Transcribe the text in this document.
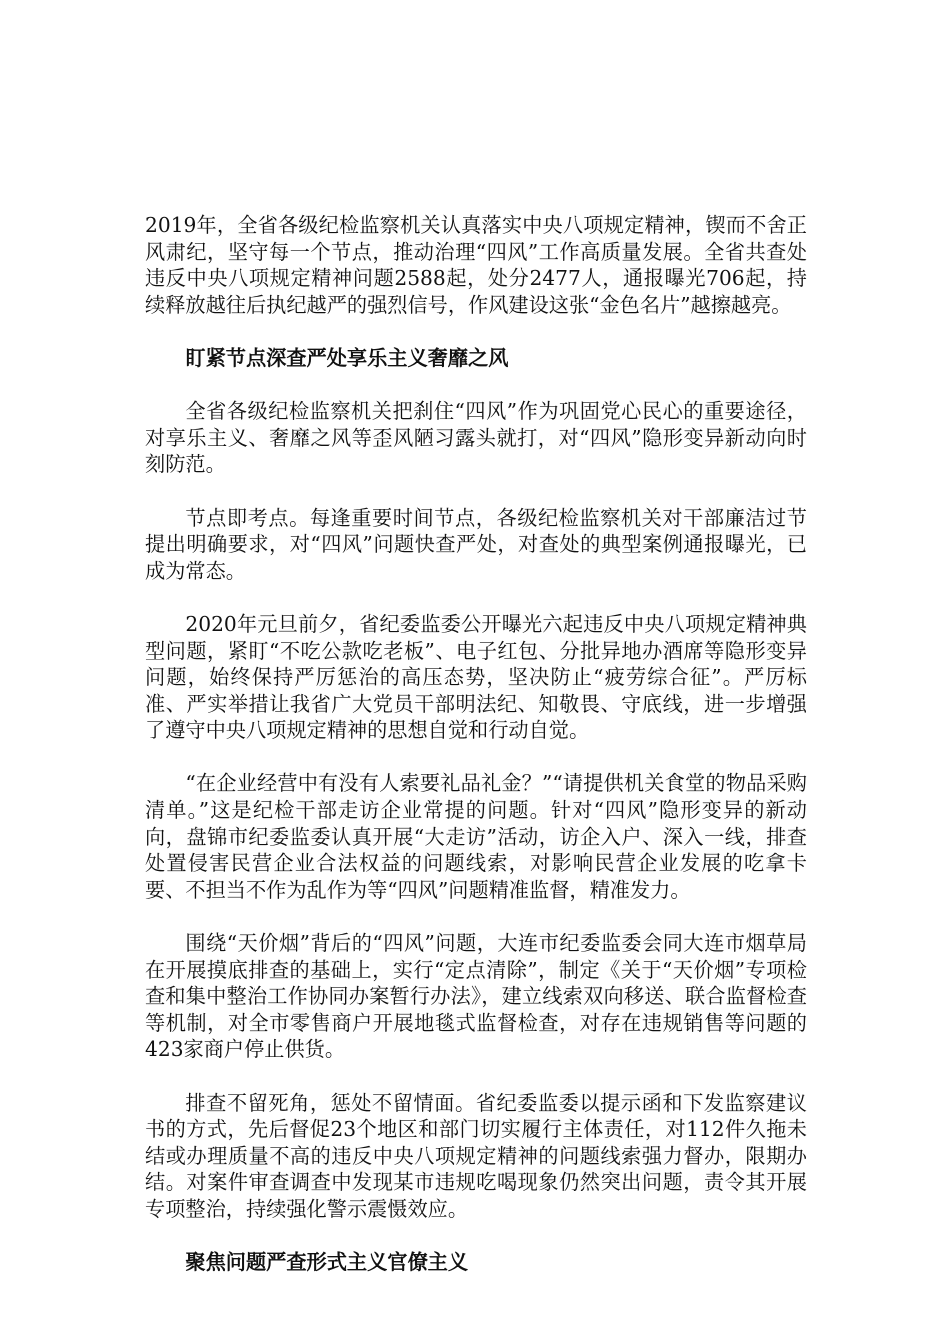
2019年，全省各级纪检监察机关认真落实中央八项规定精神，锲而不舍正风肃纪，坚守每一个节点，推动治理“四风”工作高质量发展。全省共查处违反中央八项规定精神问题2588起，处分2477人，通报曝光706起，持续释放越往后执纪越严的强烈信号，作风建设这张“金色名片”越擦越亮。

盯紧节点深查严处享乐主义奢靡之风

全省各级纪检监察机关把刹住“四风”作为巩固党心民心的重要途径，对享乐主义、奢靡之风等歪风陋习露头就打，对“四风”隐形变异新动向时刻防范。

节点即考点。每逢重要时间节点，各级纪检监察机关对干部廉洁过节提出明确要求，对“四风”问题快查严处，对查处的典型案例通报曝光，已成为常态。

2020年元旦前夕，省纪委监委公开曝光六起违反中央八项规定精神典型问题，紧盯“不吃公款吃老板”、电子红包、分批异地办酒席等隐形变异问题，始终保持严厉惩治的高压态势，坚决防止“疲劳综合征”。严厉标准、严实举措让我省广大党员干部明法纪、知敬畏、守底线，进一步增强了遵守中央八项规定精神的思想自觉和行动自觉。

“在企业经营中有没有人索要礼品礼金？”“请提供机关食堂的物品采购清单。”这是纪检干部走访企业常提的问题。针对“四风”隐形变异的新动向，盘锦市纪委监委认真开展“大走访”活动，访企入户、深入一线，排查处置侵害民营企业合法权益的问题线索，对影响民营企业发展的吃拿卡要、不担当不作为乱作为等“四风”问题精准监督，精准发力。

围绕“天价烟”背后的“四风”问题，大连市纪委监委会同大连市烟草局在开展摸底排查的基础上，实行“定点清除”，制定《关于“天价烟”专项检查和集中整治工作协同办案暂行办法》，建立线索双向移送、联合监督检查等机制，对全市零售商户开展地毯式监督检查，对存在违规销售等问题的423家商户停止供货。

排查不留死角，惩处不留情面。省纪委监委以提示函和下发监察建议书的方式，先后督促23个地区和部门切实履行主体责任，对112件久拖未结或办理质量不高的违反中央八项规定精神的问题线索强力督办，限期办结。对案件审查调查中发现某市违规吃喝现象仍然突出问题，责令其开展专项整治，持续强化警示震慑效应。

聚焦问题严查形式主义官僚主义
